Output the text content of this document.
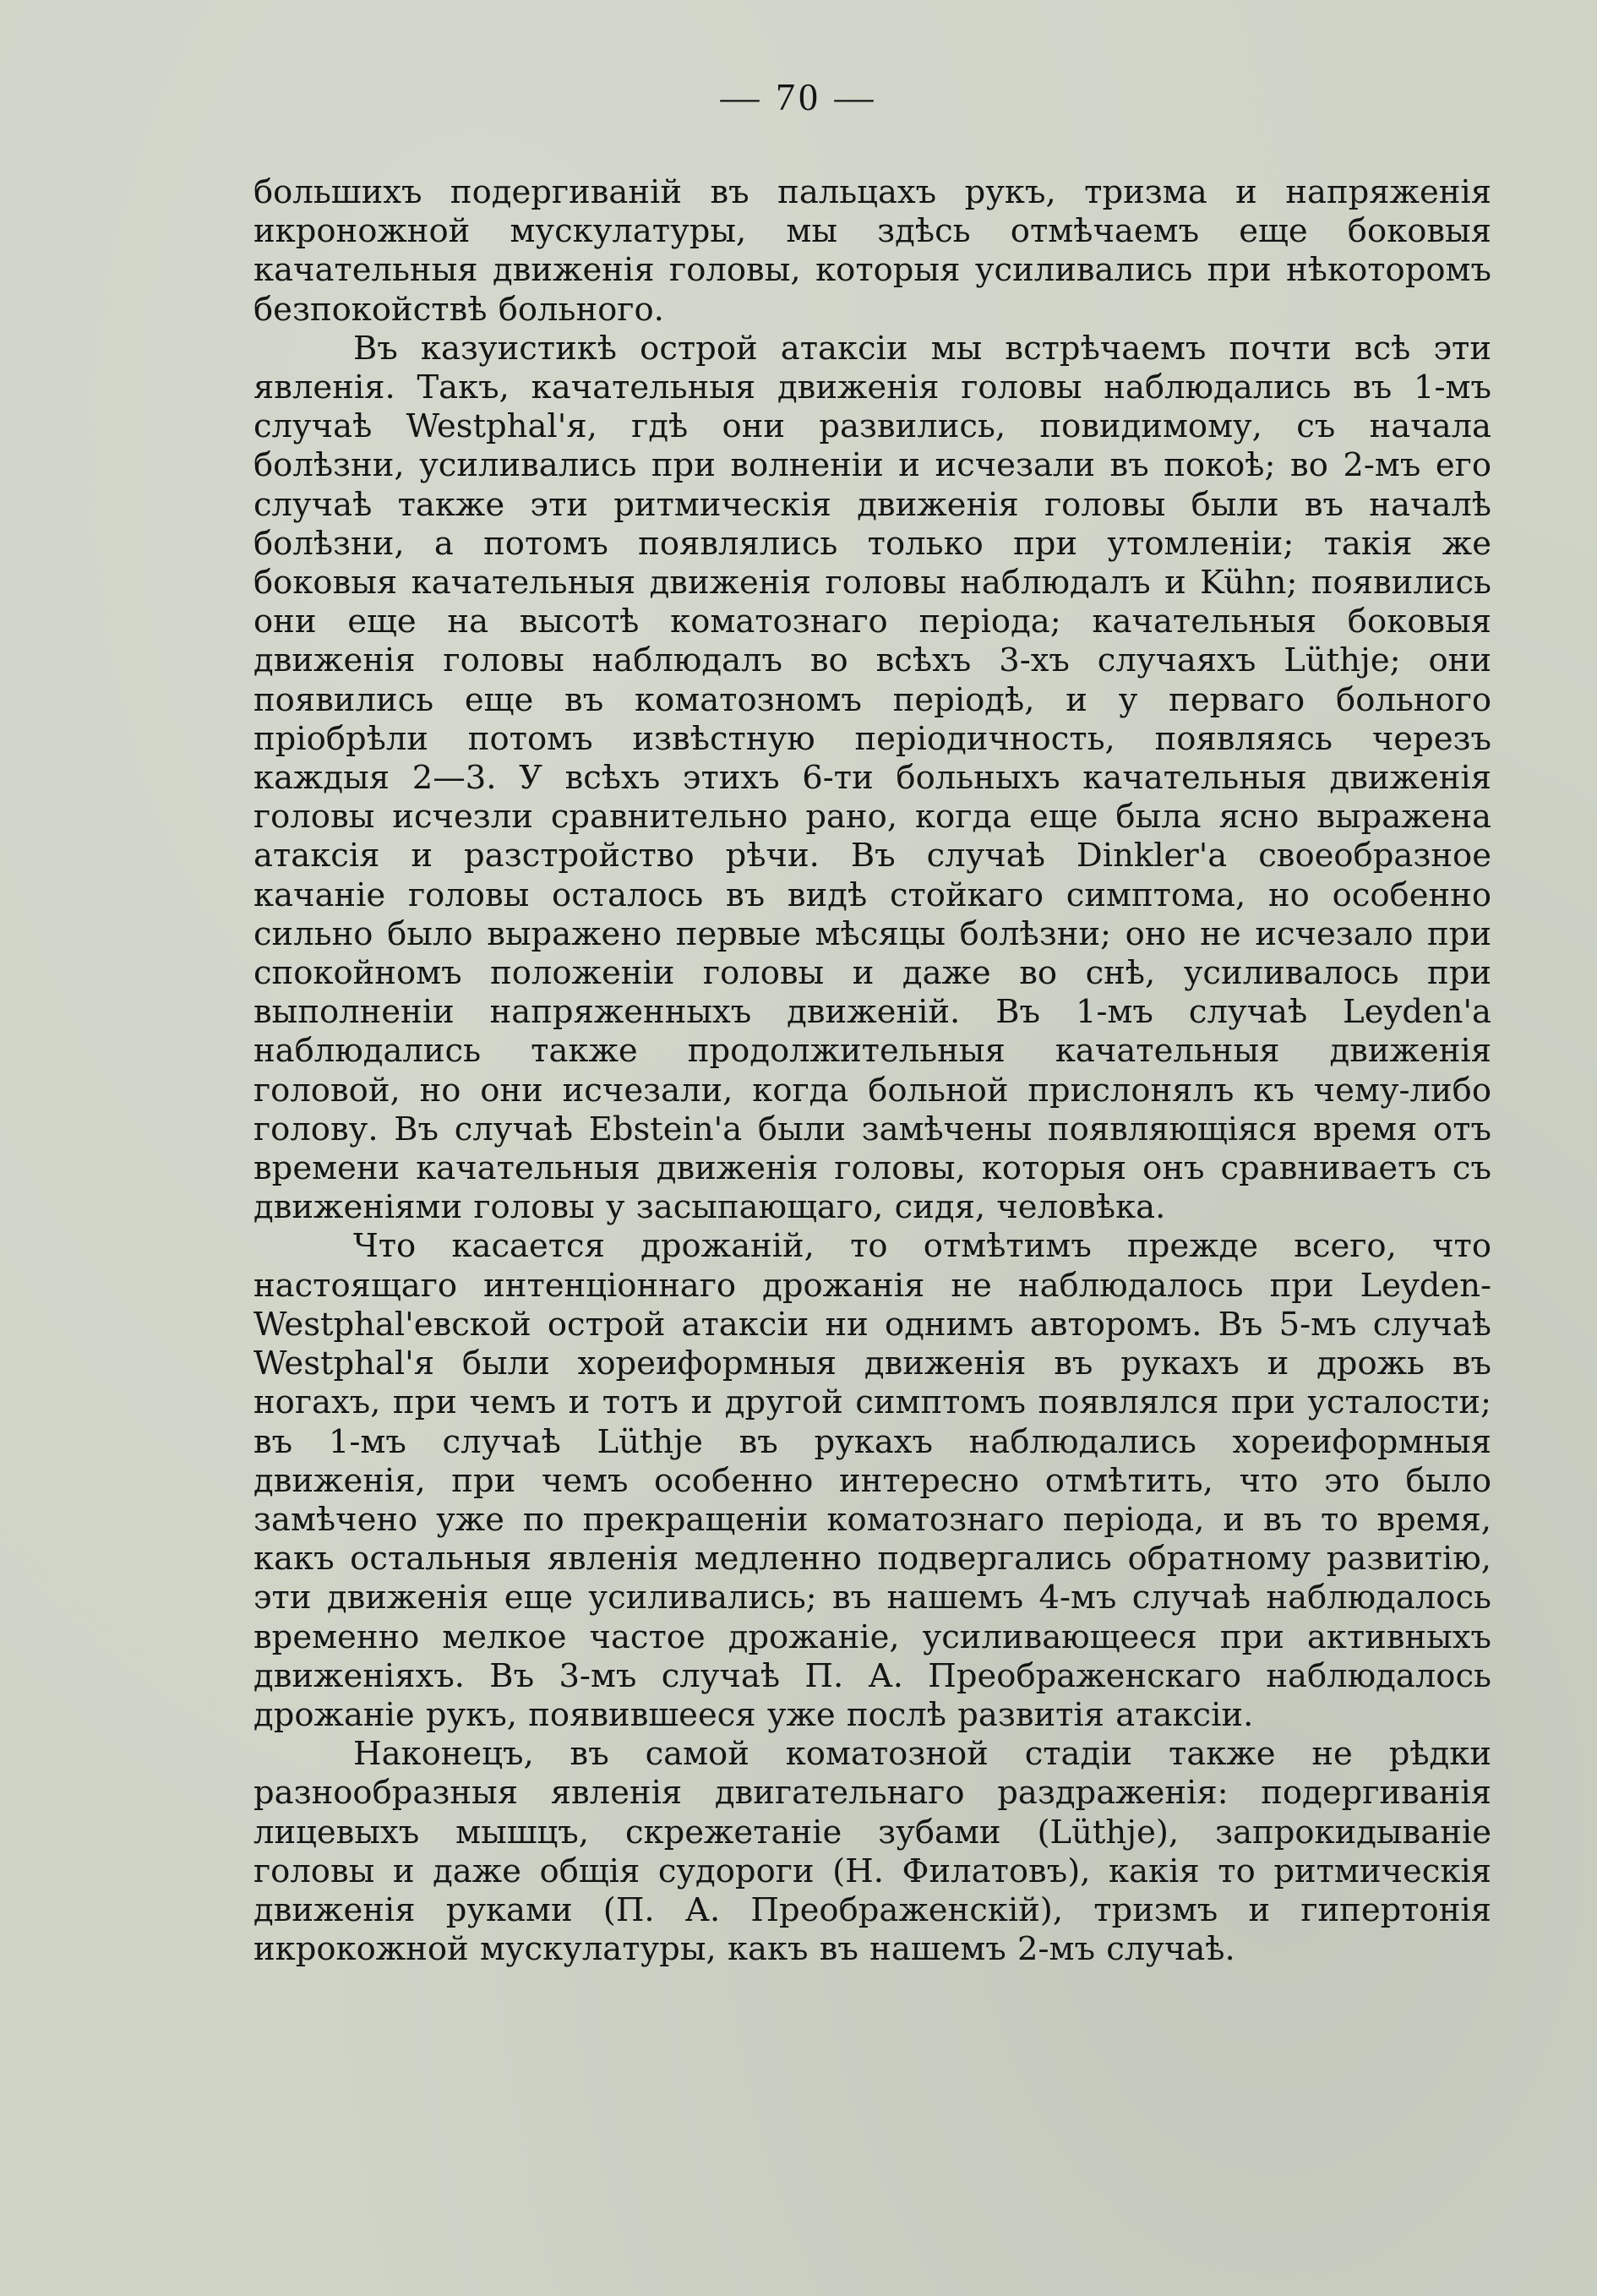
— 70 —

большихъ подергиваній въ пальцахъ рукъ, тризма и напряженія икроножной мускулатуры, мы здѣсь отмѣчаемъ еще боковыя качательныя движенія головы, которыя усиливались при нѣкоторомъ безпокойствѣ больного.

Въ казуистикѣ острой атаксіи мы встрѣчаемъ почти всѣ эти явленія. Такъ, качательныя движенія головы наблюдались въ 1-мъ случаѣ Westphal'я, гдѣ они развились, повидимому, съ начала болѣзни, усиливались при волненіи и исчезали въ покоѣ; во 2-мъ его случаѣ также эти ритмическія движенія головы были въ началѣ болѣзни, а потомъ появлялись только при утомленіи; такія же боковыя качательныя движенія головы наблюдалъ и Kühn; появились они еще на высотѣ коматознаго періода; качательныя боковыя движенія головы наблюдалъ во всѣхъ 3-хъ случаяхъ Lüthje; они появились еще въ коматозномъ періодѣ, и у перваго больного пріобрѣли потомъ извѣстную періодичность, появляясь черезъ каждыя 2—3. У всѣхъ этихъ 6-ти больныхъ качательныя движенія головы исчезли сравнительно рано, когда еще была ясно выражена атаксія и разстройство рѣчи. Въ случаѣ Dinkler'а своеобразное качаніе головы осталось въ видѣ стойкаго симптома, но особенно сильно было выражено первые мѣсяцы болѣзни; оно не исчезало при спокойномъ положеніи головы и даже во снѣ, усиливалось при выполненіи напряженныхъ движеній. Въ 1-мъ случаѣ Leyden'а наблюдались также продолжительныя качательныя движенія головой, но они исчезали, когда больной прислонялъ къ чему-либо голову. Въ случаѣ Ebstein'а были замѣчены появляющіяся время отъ времени качательныя движенія головы, которыя онъ сравниваетъ съ движеніями головы у засыпающаго, сидя, человѣка.

Что касается дрожаній, то отмѣтимъ прежде всего, что настоящаго интенціоннаго дрожанія не наблюдалось при Leyden-Westphal'евской острой атаксіи ни однимъ авторомъ. Въ 5-мъ случаѣ Westphal'я были хореиформныя движенія въ рукахъ и дрожь въ ногахъ, при чемъ и тотъ и другой симптомъ появлялся при усталости; въ 1-мъ случаѣ Lüthje въ рукахъ наблюдались хореиформныя движенія, при чемъ особенно интересно отмѣтить, что это было замѣчено уже по прекращеніи коматознаго періода, и въ то время, какъ остальныя явленія медленно подвергались обратному развитію, эти движенія еще усиливались; въ нашемъ 4-мъ случаѣ наблюдалось временно мелкое частое дрожаніе, усиливающееся при активныхъ движеніяхъ. Въ 3-мъ случаѣ П. А. Преображенскаго наблюдалось дрожаніе рукъ, появившееся уже послѣ развитія атаксіи.

Наконецъ, въ самой коматозной стадіи также не рѣдки разнообразныя явленія двигательнаго раздраженія: подергиванія лицевыхъ мышцъ, скрежетаніе зубами (Lüthje), запрокидываніе головы и даже общія судороги (Н. Филатовъ), какія то ритмическія движенія руками (П. А. Преображенскій), тризмъ и гипертонія икрокожной мускулатуры, какъ въ нашемъ 2-мъ случаѣ.
